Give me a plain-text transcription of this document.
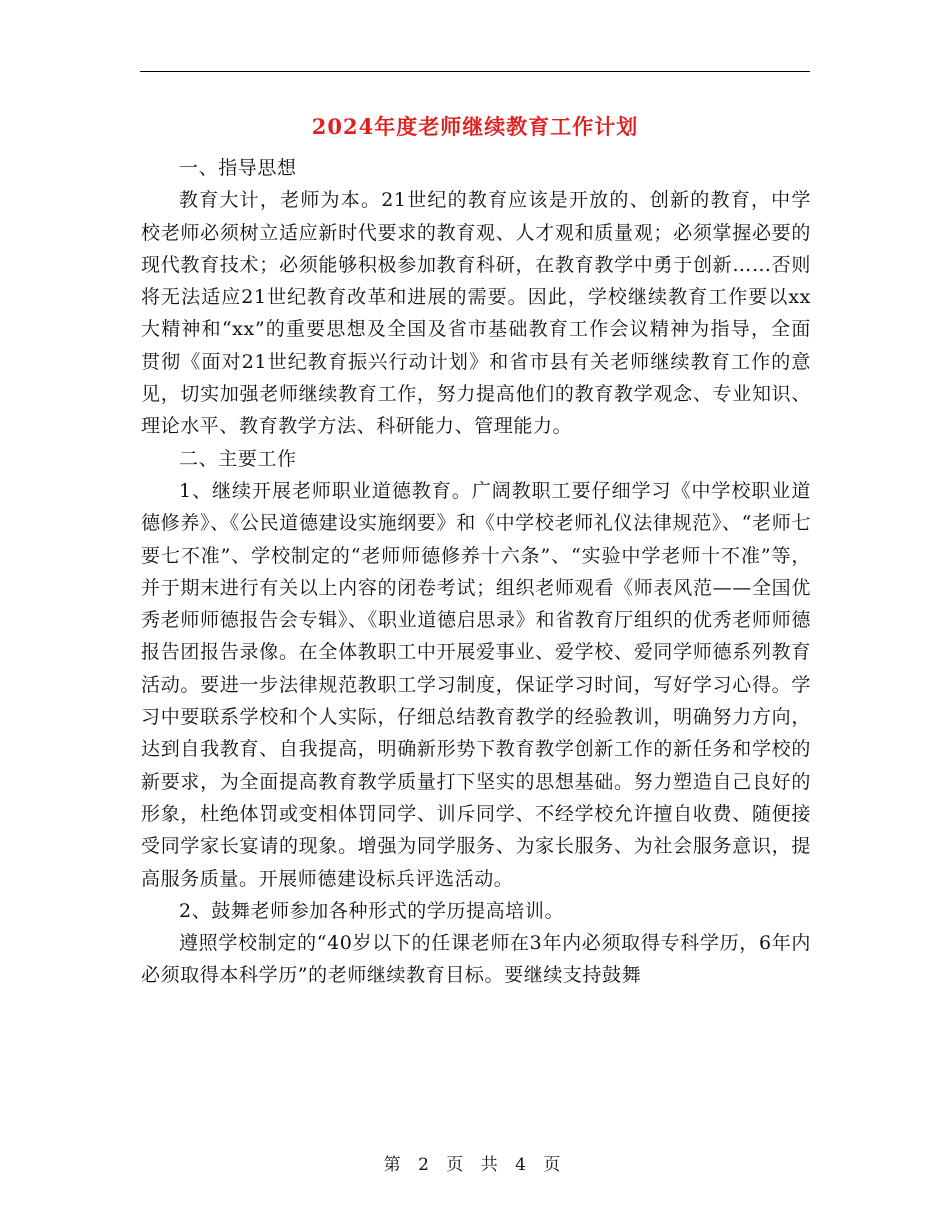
2024年度老师继续教育工作计划

一、指导思想

教育大计，老师为本。21世纪的教育应该是开放的、创新的教育，中学校老师必须树立适应新时代要求的教育观、人才观和质量观；必须掌握必要的现代教育技术；必须能够积极参加教育科研，在教育教学中勇于创新……否则将无法适应21世纪教育改革和进展的需要。因此，学校继续教育工作要以xx大精神和“xx”的重要思想及全国及省市基础教育工作会议精神为指导，全面贯彻《面对21世纪教育振兴行动计划》和省市县有关老师继续教育工作的意见，切实加强老师继续教育工作，努力提高他们的教育教学观念、专业知识、理论水平、教育教学方法、科研能力、管理能力。

二、主要工作

1、继续开展老师职业道德教育。广阔教职工要仔细学习《中学校职业道德修养》、《公民道德建设实施纲要》和《中学校老师礼仪法律规范》、“老师七要七不准”、学校制定的“老师师德修养十六条”、“实验中学老师十不准”等，并于期末进行有关以上内容的闭卷考试；组织老师观看《师表风范——全国优秀老师师德报告会专辑》、《职业道德启思录》和省教育厅组织的优秀老师师德报告团报告录像。在全体教职工中开展爱事业、爱学校、爱同学师德系列教育活动。要进一步法律规范教职工学习制度，保证学习时间，写好学习心得。学习中要联系学校和个人实际，仔细总结教育教学的经验教训，明确努力方向，达到自我教育、自我提高，明确新形势下教育教学创新工作的新任务和学校的新要求，为全面提高教育教学质量打下坚实的思想基础。努力塑造自己良好的形象，杜绝体罚或变相体罚同学、训斥同学、不经学校允许擅自收费、随便接受同学家长宴请的现象。增强为同学服务、为家长服务、为社会服务意识，提高服务质量。开展师德建设标兵评选活动。

2、鼓舞老师参加各种形式的学历提高培训。

遵照学校制定的“40岁以下的任课老师在3年内必须取得专科学历，6年内必须取得本科学历”的老师继续教育目标。要继续支持鼓舞

第 2 页 共 4 页
